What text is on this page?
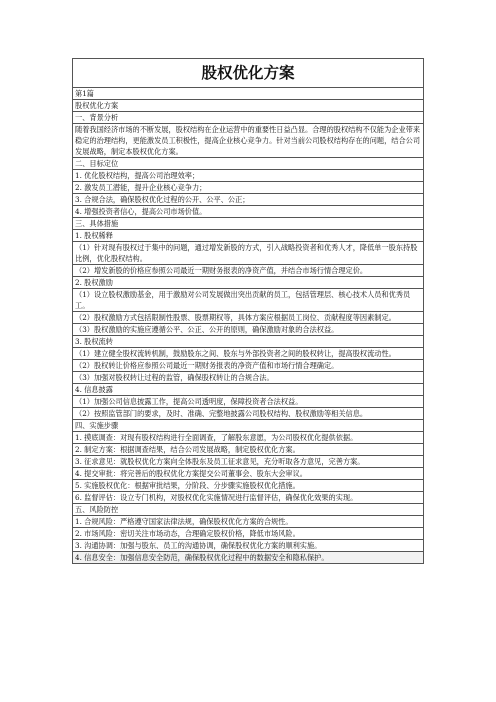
股权优化方案
第1篇
股权优化方案
一、背景分析
随着我国经济市场的不断发展，股权结构在企业运营中的重要性日益凸显。合理的股权结构不仅能为企业带来稳定的治理结构，更能激发员工积极性，提高企业核心竞争力。针对当前公司股权结构存在的问题，结合公司发展战略，制定本股权优化方案。
二、目标定位
1. 优化股权结构，提高公司治理效率；
2. 激发员工潜能，提升企业核心竞争力；
3. 合规合法，确保股权优化过程的公开、公平、公正；
4. 增强投资者信心，提高公司市场价值。
三、具体措施
1. 股权稀释
（1）针对现有股权过于集中的问题，通过增发新股的方式，引入战略投资者和优秀人才，降低单一股东持股比例，优化股权结构。
（2）增发新股的价格应参照公司最近一期财务报表的净资产值，并结合市场行情合理定价。
2. 股权激励
（1）设立股权激励基金，用于激励对公司发展做出突出贡献的员工，包括管理层、核心技术人员和优秀员工。
（2）股权激励方式包括限制性股票、股票期权等，具体方案应根据员工岗位、贡献程度等因素制定。
（3）股权激励的实施应遵循公平、公正、公开的原则，确保激励对象的合法权益。
3. 股权流转
（1）建立健全股权流转机制，鼓励股东之间、股东与外部投资者之间的股权转让，提高股权流动性。
（2）股权转让价格应参照公司最近一期财务报表的净资产值和市场行情合理确定。
（3）加强对股权转让过程的监管，确保股权转让的合规合法。
4. 信息披露
（1）加强公司信息披露工作，提高公司透明度，保障投资者合法权益。
（2）按照监管部门的要求，及时、准确、完整地披露公司股权结构、股权激励等相关信息。
四、实施步骤
1. 摸底调查：对现有股权结构进行全面调查，了解股东意愿，为公司股权优化提供依据。
2. 制定方案：根据调查结果，结合公司发展战略，制定股权优化方案。
3. 征求意见：就股权优化方案向全体股东及员工征求意见，充分听取各方意见，完善方案。
4. 提交审批：将完善后的股权优化方案提交公司董事会、股东大会审议。
5. 实施股权优化：根据审批结果，分阶段、分步骤实施股权优化措施。
6. 监督评估：设立专门机构，对股权优化实施情况进行监督评估，确保优化效果的实现。
五、风险防控
1. 合规风险：严格遵守国家法律法规，确保股权优化方案的合规性。
2. 市场风险：密切关注市场动态，合理确定股权价格，降低市场风险。
3. 沟通协调：加强与股东、员工的沟通协调，确保股权优化方案的顺利实施。
4. 信息安全：加强信息安全防范，确保股权优化过程中的数据安全和隐私保护。
